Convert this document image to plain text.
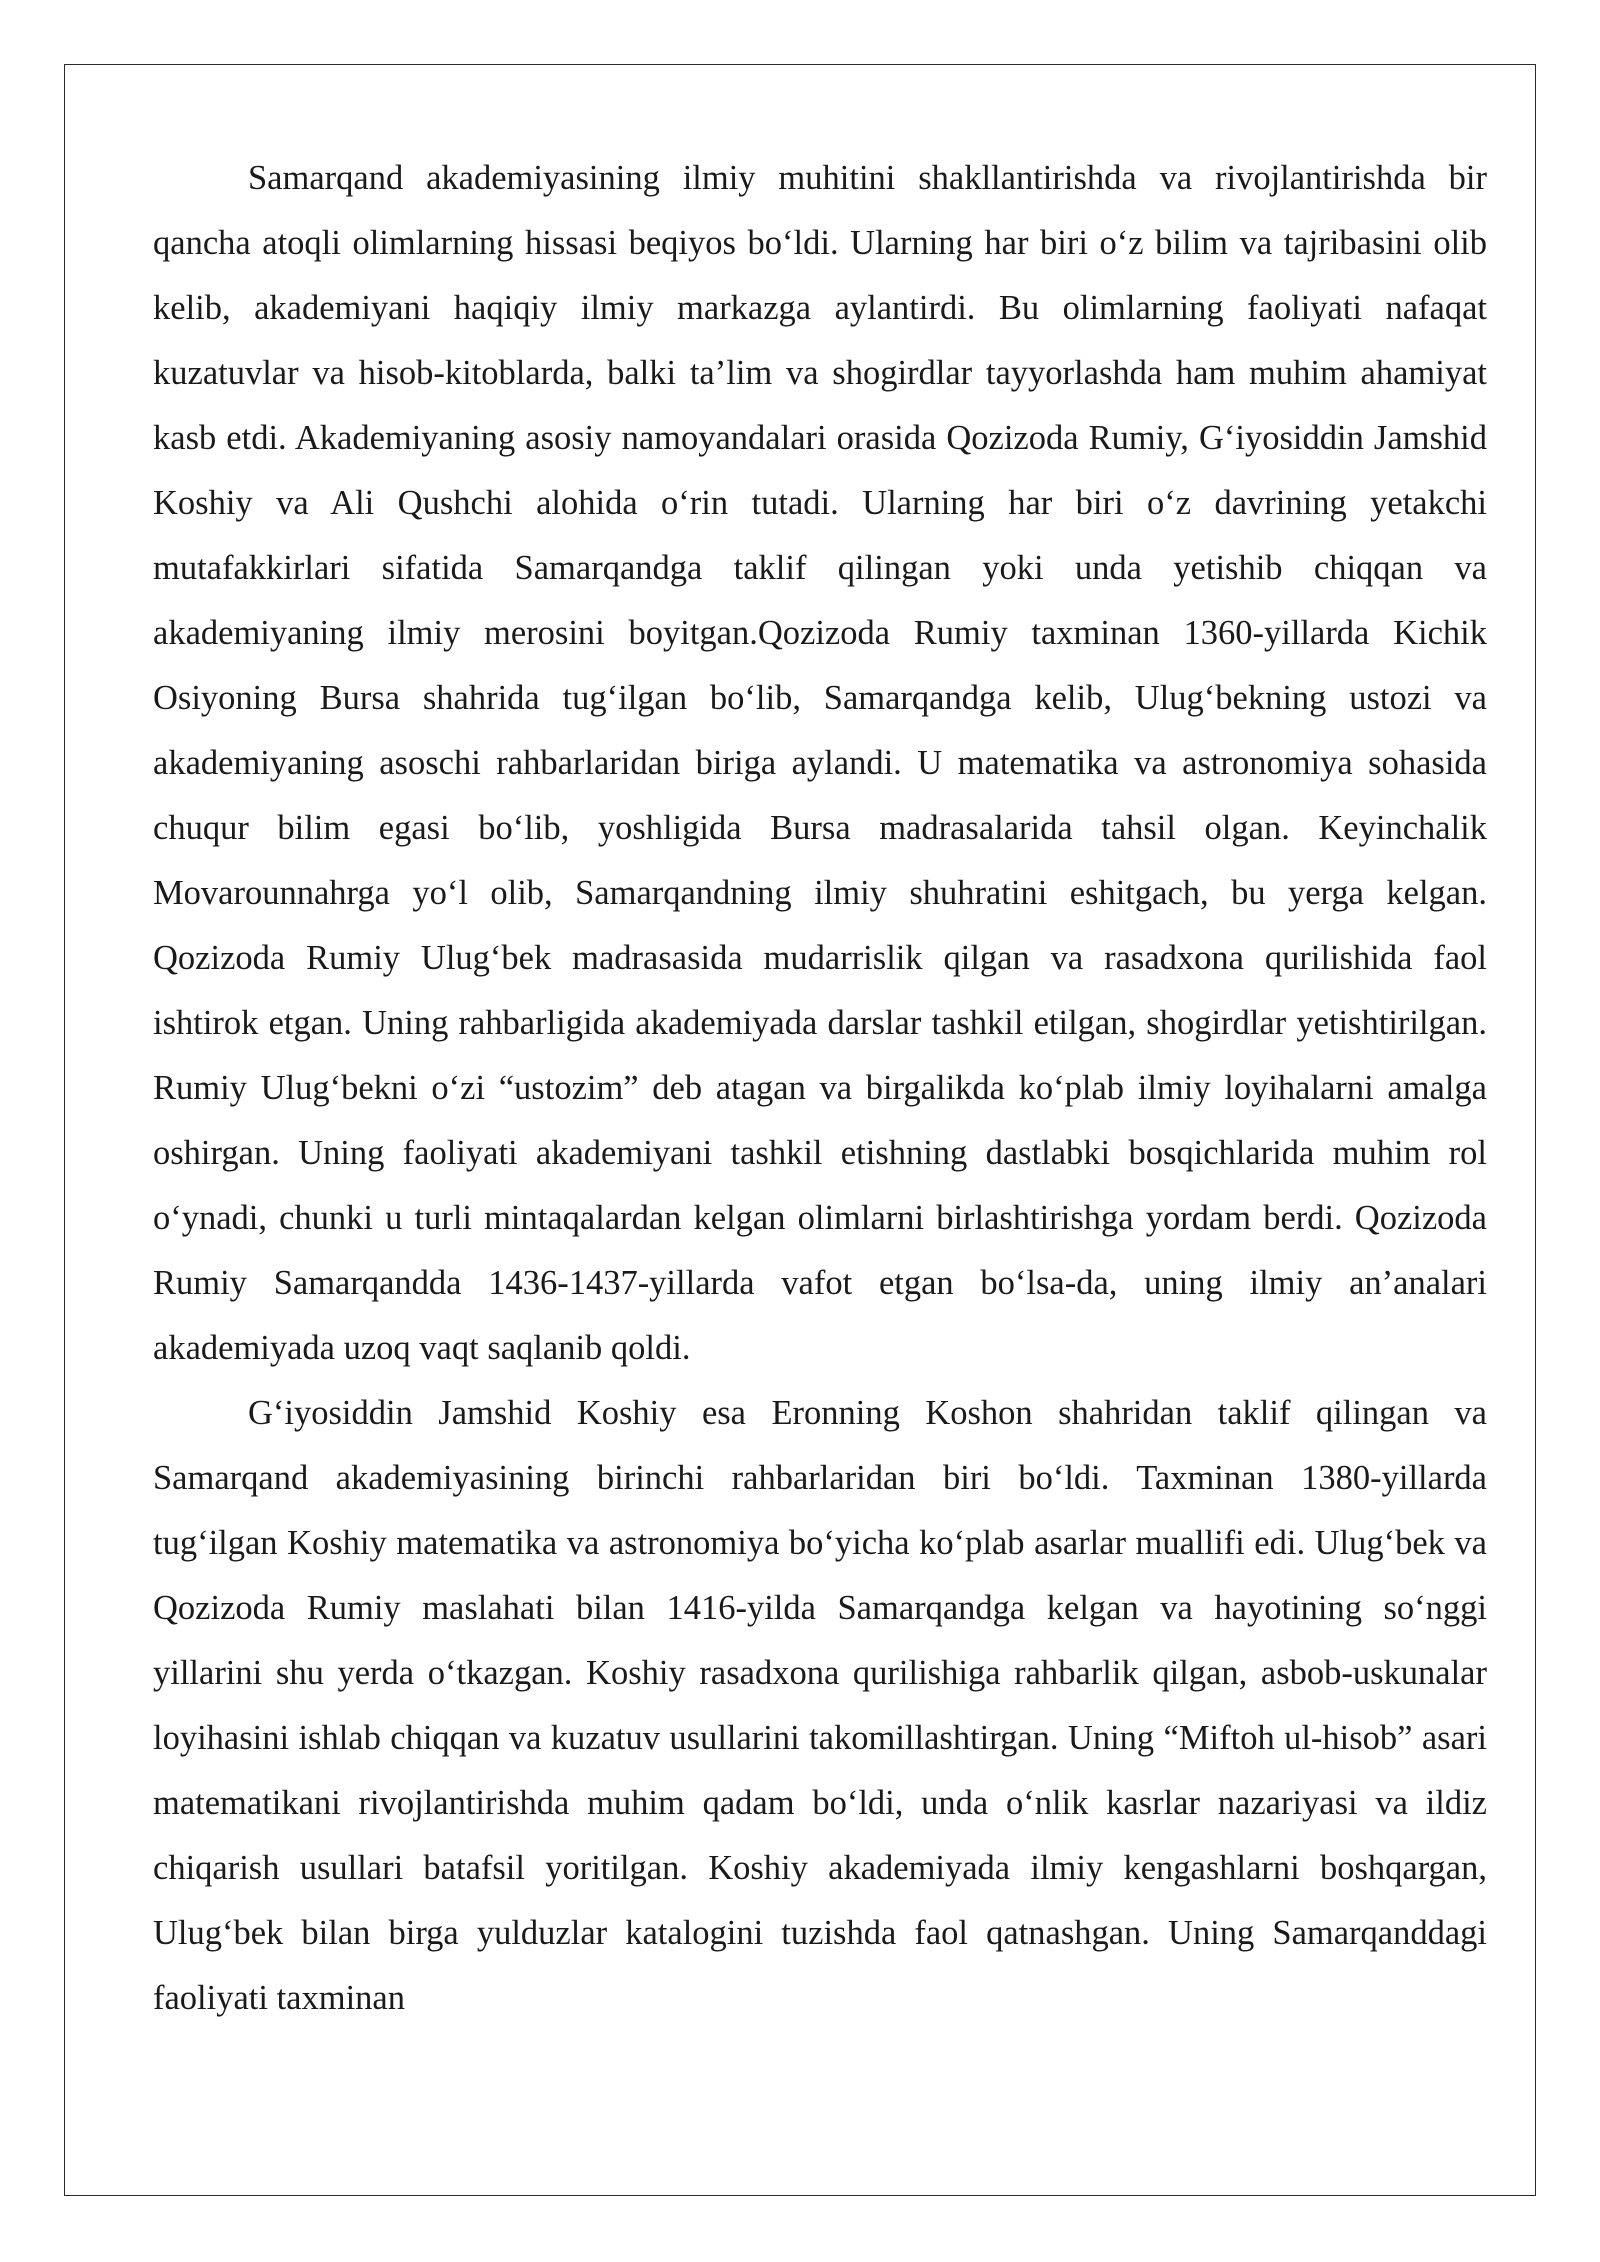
Samarqand akademiyasining ilmiy muhitini shakllantirishda va rivojlantirishda bir qancha atoqli olimlarning hissasi beqiyos bo‘ldi. Ularning har biri o‘z bilim va tajribasini olib kelib, akademiyani haqiqiy ilmiy markazga aylantirdi. Bu olimlarning faoliyati nafaqat kuzatuvlar va hisob-kitoblarda, balki ta’lim va shogirdlar tayyorlashda ham muhim ahamiyat kasb etdi. Akademiyaning asosiy namoyandalari orasida Qozizoda Rumiy, G‘iyosiddin Jamshid Koshiy va Ali Qushchi alohida o‘rin tutadi. Ularning har biri o‘z davrining yetakchi mutafakkirlari sifatida Samarqandga taklif qilingan yoki unda yetishib chiqqan va akademiyaning ilmiy merosini boyitgan.Qozizoda Rumiy taxminan 1360-yillarda Kichik Osiyoning Bursa shahrida tug‘ilgan bo‘lib, Samarqandga kelib, Ulug‘bekning ustozi va akademiyaning asoschi rahbarlaridan biriga aylandi. U matematika va astronomiya sohasida chuqur bilim egasi bo‘lib, yoshligida Bursa madrasalarida tahsil olgan. Keyinchalik Movarounnahrga yo‘l olib, Samarqandning ilmiy shuhratini eshitgach, bu yerga kelgan. Qozizoda Rumiy Ulug‘bek madrasasida mudarrislik qilgan va rasadxona qurilishida faol ishtirok etgan. Uning rahbarligida akademiyada darslar tashkil etilgan, shogirdlar yetishtirilgan. Rumiy Ulug‘bekni o‘zi “ustozim” deb atagan va birgalikda ko‘plab ilmiy loyihalarni amalga oshirgan. Uning faoliyati akademiyani tashkil etishning dastlabki bosqichlarida muhim rol o‘ynadi, chunki u turli mintaqalardan kelgan olimlarni birlashtirishga yordam berdi. Qozizoda Rumiy Samarqandda 1436-1437-yillarda vafot etgan bo‘lsa-da, uning ilmiy an’analari akademiyada uzoq vaqt saqlanib qoldi.

G‘iyosiddin Jamshid Koshiy esa Eronning Koshon shahridan taklif qilingan va Samarqand akademiyasining birinchi rahbarlaridan biri bo‘ldi. Taxminan 1380-yillarda tug‘ilgan Koshiy matematika va astronomiya bo‘yicha ko‘plab asarlar muallifi edi. Ulug‘bek va Qozizoda Rumiy maslahati bilan 1416-yilda Samarqandga kelgan va hayotining so‘nggi yillarini shu yerda o‘tkazgan. Koshiy rasadxona qurilishiga rahbarlik qilgan, asbob-uskunalar loyihasini ishlab chiqqan va kuzatuv usullarini takomillashtirgan. Uning “Miftoh ul-hisob” asari matematikani rivojlantirishda muhim qadam bo‘ldi, unda o‘nlik kasrlar nazariyasi va ildiz chiqarish usullari batafsil yoritilgan. Koshiy akademiyada ilmiy kengashlarni boshqargan, Ulug‘bek bilan birga yulduzlar katalogini tuzishda faol qatnashgan. Uning Samarqanddagi faoliyati taxminan
